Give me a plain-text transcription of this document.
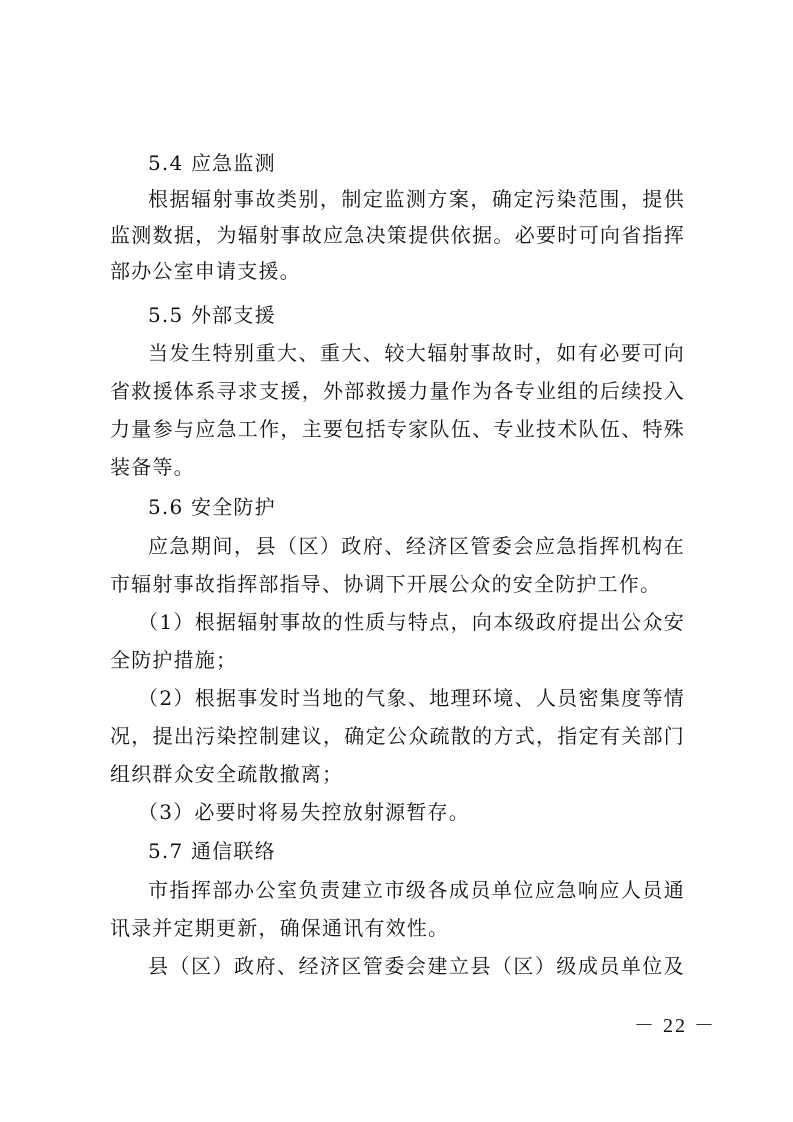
5.4 应急监测
根据辐射事故类别，制定监测方案，确定污染范围，提供
监测数据，为辐射事故应急决策提供依据。必要时可向省指挥
部办公室申请支援。
5.5 外部支援
当发生特别重大、重大、较大辐射事故时，如有必要可向
省救援体系寻求支援，外部救援力量作为各专业组的后续投入
力量参与应急工作，主要包括专家队伍、专业技术队伍、特殊
装备等。
5.6 安全防护
应急期间，县（区）政府、经济区管委会应急指挥机构在
市辐射事故指挥部指导、协调下开展公众的安全防护工作。
（1）根据辐射事故的性质与特点，向本级政府提出公众安
全防护措施；
（2）根据事发时当地的气象、地理环境、人员密集度等情
况，提出污染控制建议，确定公众疏散的方式，指定有关部门
组织群众安全疏散撤离；
（3）必要时将易失控放射源暂存。
5.7 通信联络
市指挥部办公室负责建立市级各成员单位应急响应人员通
讯录并定期更新，确保通讯有效性。
县（区）政府、经济区管委会建立县（区）级成员单位及
－ 22 －
